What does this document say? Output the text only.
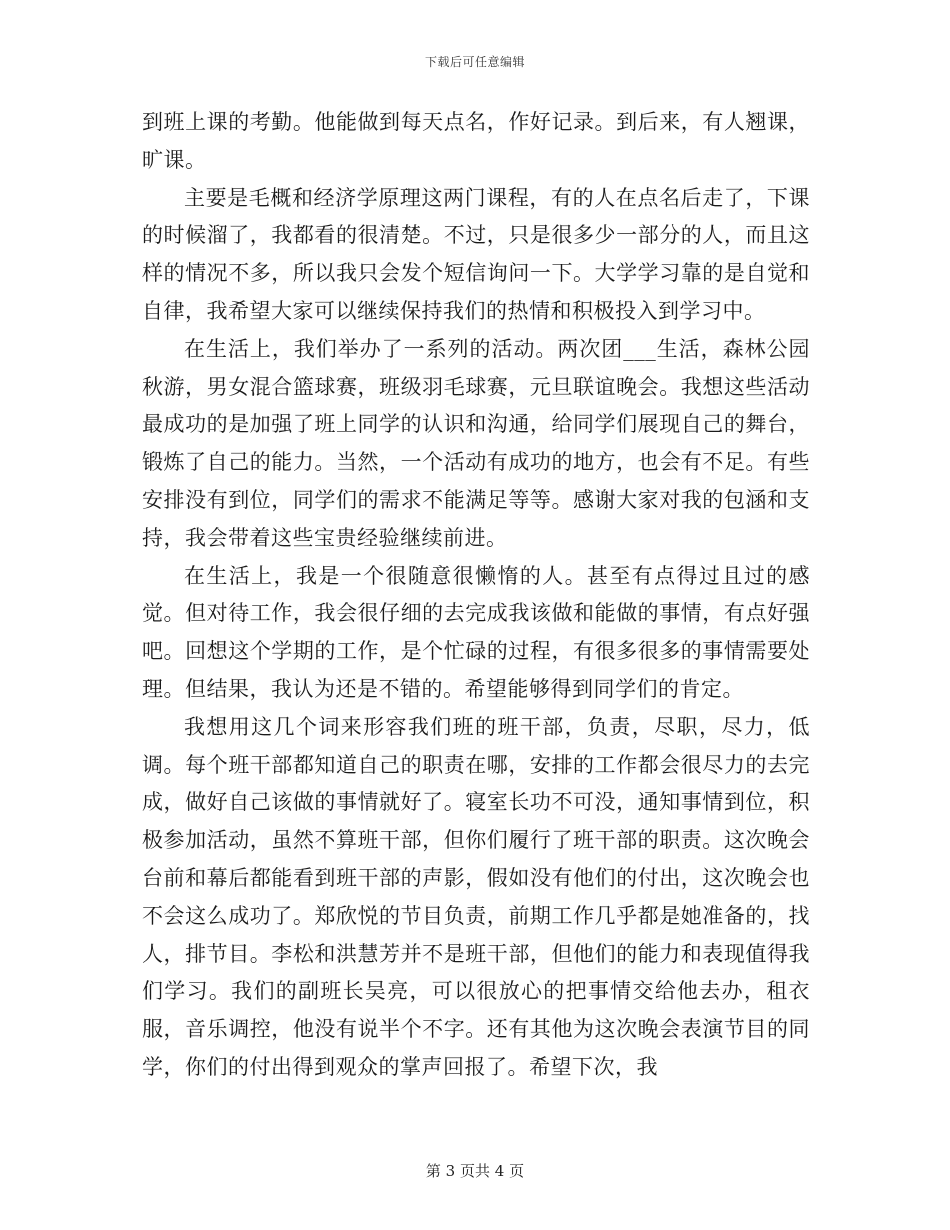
下载后可任意编辑

到班上课的考勤。他能做到每天点名，作好记录。到后来，有人翘课，旷课。

主要是毛概和经济学原理这两门课程，有的人在点名后走了，下课的时候溜了，我都看的很清楚。不过，只是很多少一部分的人，而且这样的情况不多，所以我只会发个短信询问一下。大学学习靠的是自觉和自律，我希望大家可以继续保持我们的热情和积极投入到学习中。

在生活上，我们举办了一系列的活动。两次团___生活，森林公园秋游，男女混合篮球赛，班级羽毛球赛，元旦联谊晚会。我想这些活动最成功的是加强了班上同学的认识和沟通，给同学们展现自己的舞台，锻炼了自己的能力。当然，一个活动有成功的地方，也会有不足。有些安排没有到位，同学们的需求不能满足等等。感谢大家对我的包涵和支持，我会带着这些宝贵经验继续前进。

在生活上，我是一个很随意很懒惰的人。甚至有点得过且过的感觉。但对待工作，我会很仔细的去完成我该做和能做的事情，有点好强吧。回想这个学期的工作，是个忙碌的过程，有很多很多的事情需要处理。但结果，我认为还是不错的。希望能够得到同学们的肯定。

我想用这几个词来形容我们班的班干部，负责，尽职，尽力，低调。每个班干部都知道自己的职责在哪，安排的工作都会很尽力的去完成，做好自己该做的事情就好了。寝室长功不可没，通知事情到位，积极参加活动，虽然不算班干部，但你们履行了班干部的职责。这次晚会台前和幕后都能看到班干部的声影，假如没有他们的付出，这次晚会也不会这么成功了。郑欣悦的节目负责，前期工作几乎都是她准备的，找人，排节目。李松和洪慧芳并不是班干部，但他们的能力和表现值得我们学习。我们的副班长吴亮，可以很放心的把事情交给他去办，租衣服，音乐调控，他没有说半个不字。还有其他为这次晚会表演节目的同学，你们的付出得到观众的掌声回报了。希望下次，我

第 3 页共 4 页
